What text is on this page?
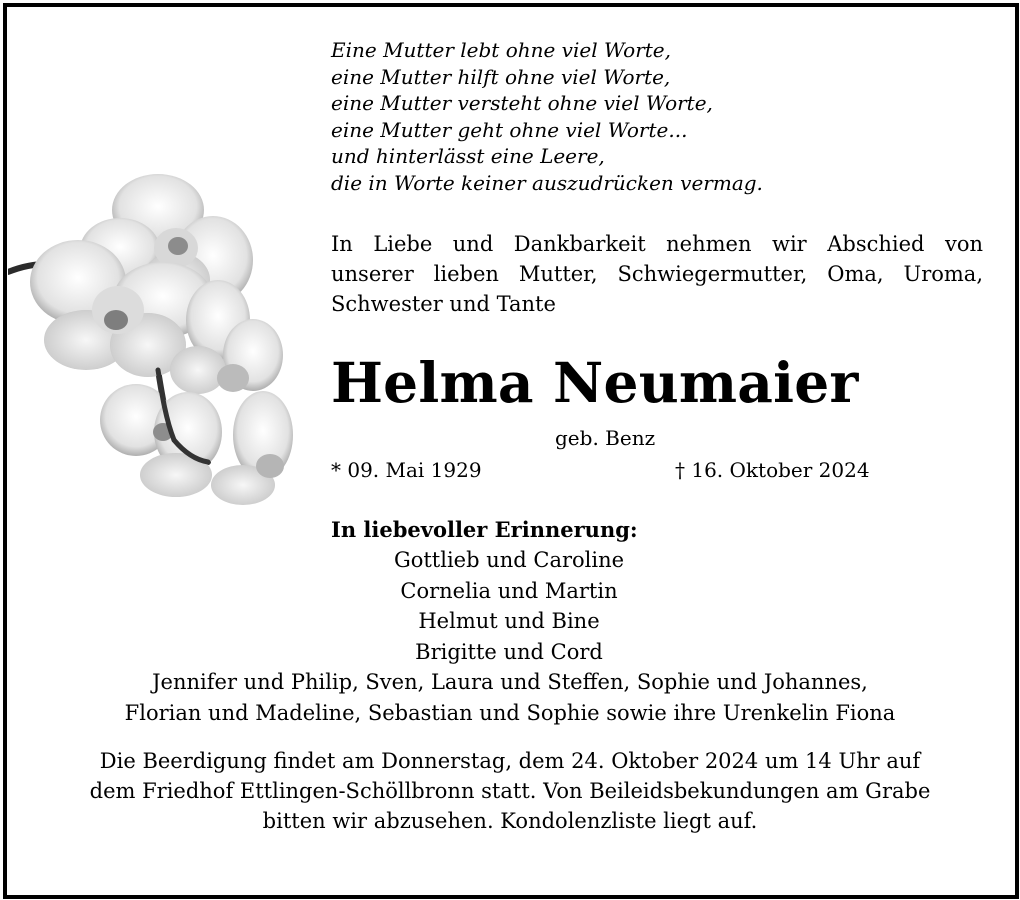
Eine Mutter lebt ohne viel Worte,
eine Mutter hilft ohne viel Worte,
eine Mutter versteht ohne viel Worte,
eine Mutter geht ohne viel Worte...
und hinterlässt eine Leere,
die in Worte keiner auszudrücken vermag.
In Liebe und Dankbarkeit nehmen wir Abschied von
unserer lieben Mutter, Schwiegermutter, Oma, Uroma,
Schwester und Tante
Helma Neumaier
geb. Benz
* 09. Mai 1929	† 16. Oktober 2024
In liebevoller Erinnerung:
Gottlieb und Caroline
Cornelia und Martin
Helmut und Bine
Brigitte und Cord
Jennifer und Philip, Sven, Laura und Steffen, Sophie und Johannes,
Florian und Madeline, Sebastian und Sophie sowie ihre Urenkelin Fiona
Die Beerdigung findet am Donnerstag, dem 24. Oktober 2024 um 14 Uhr auf
dem Friedhof Ettlingen-Schöllbronn statt. Von Beileidsbekundungen am Grabe
bitten wir abzusehen. Kondolenzliste liegt auf.
